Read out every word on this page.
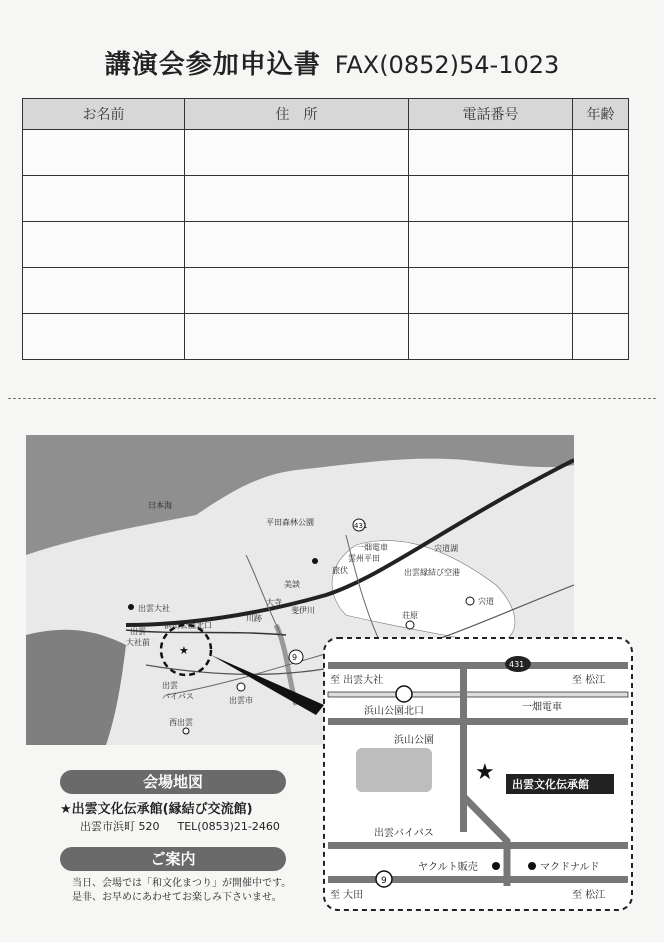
講演会参加申込書 FAX(0852)54-1023
お名前	住　所	電話番号	年齢

★
日本海
平田森林公園
一畑電車
雲州平田
旅伏
宍道湖
出雲縁結び空港
美談
大寺
斐伊川
川跡	荘原
宍道
出雲大社
浜山公園北口
出雲
大社前
9
431
出雲
バイパス	出雲市
西出雲
会場地図
★出雲文化伝承館(縁結び交流館)
出雲市浜町 520 TEL(0853)21-2460
ご案内
当日、会場では「和文化まつり」が開催中です。
是非、お早めにあわせてお楽しみ下さいませ。
431
9
★ 出雲文化伝承館
至 出雲大社	至 松江
浜山公園北口	一畑電車
浜山公園
出雲バイパス
ヤクルト販売	マクドナルド
至 大田	至 松江
